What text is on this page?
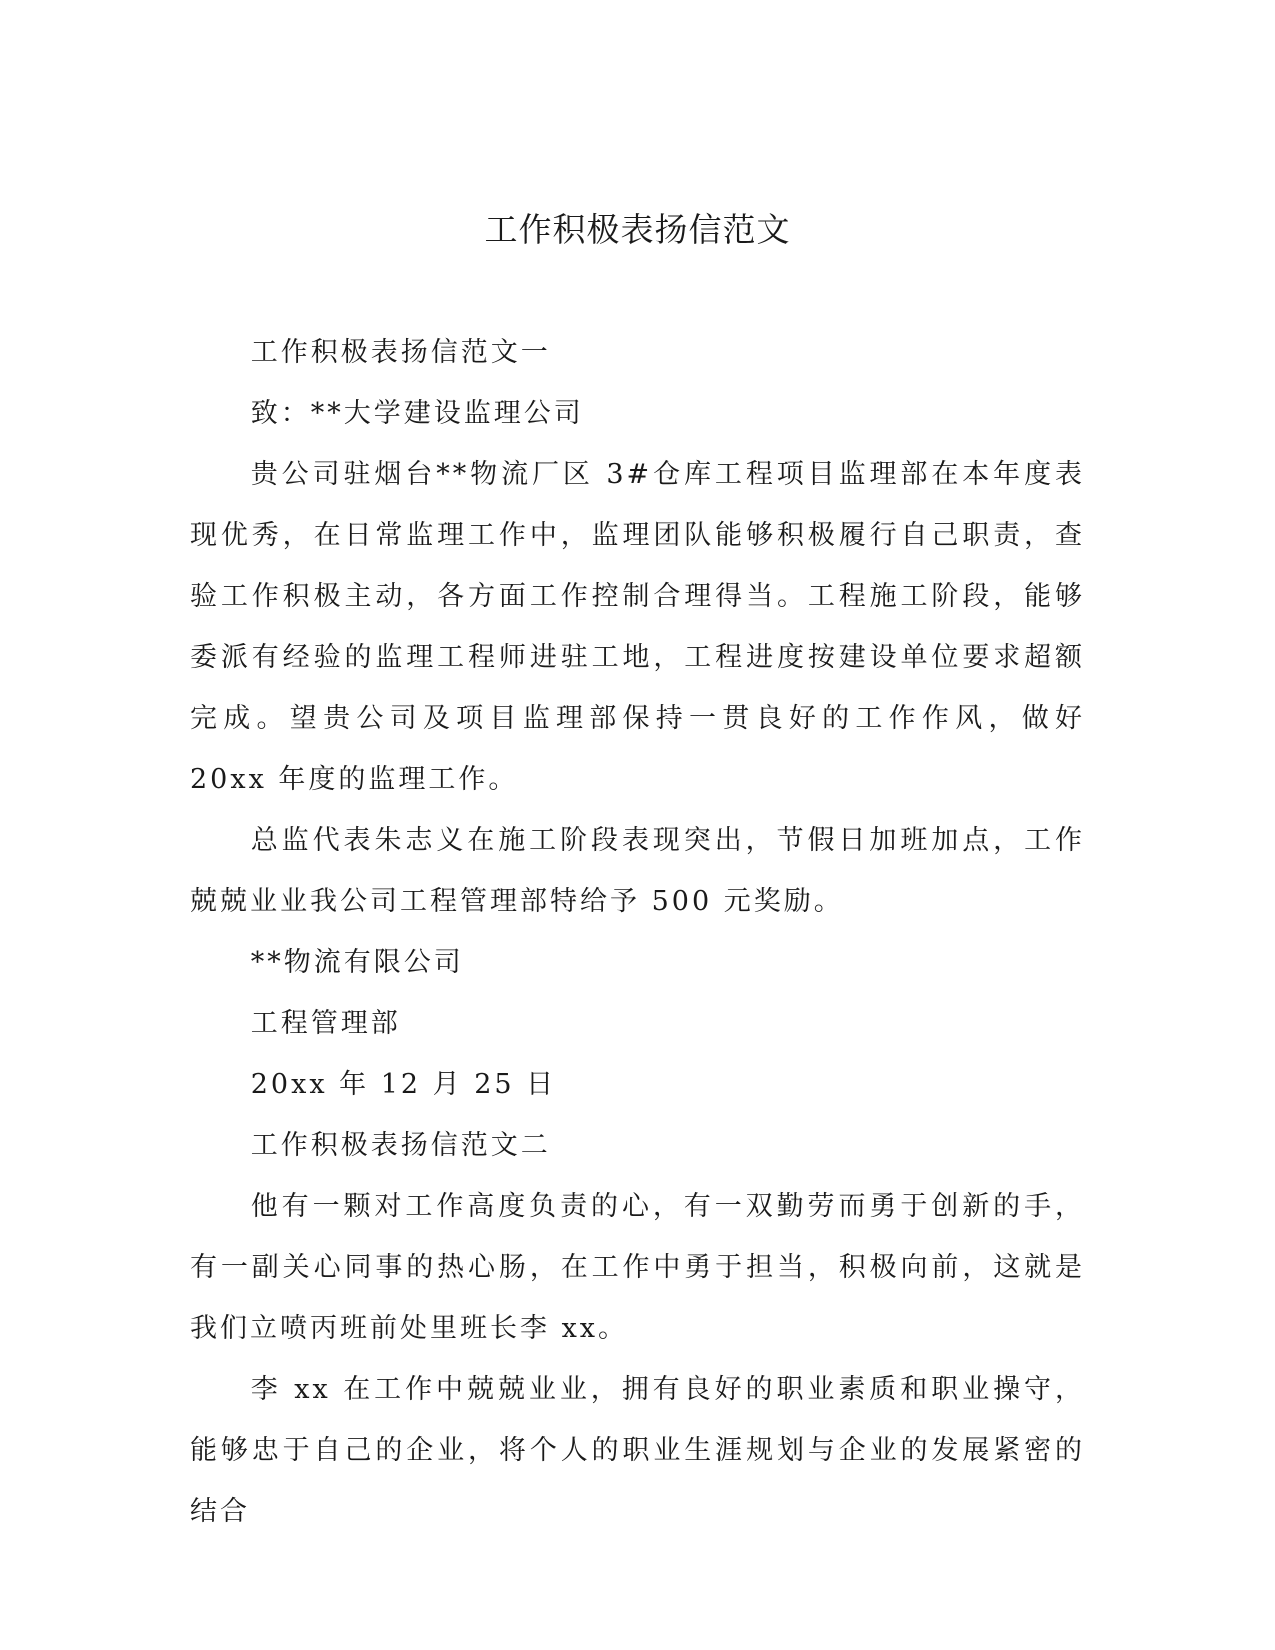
工作积极表扬信范文

工作积极表扬信范文一

致：**大学建设监理公司

贵公司驻烟台**物流厂区 3#仓库工程项目监理部在本年度表现优秀，在日常监理工作中，监理团队能够积极履行自己职责，查验工作积极主动，各方面工作控制合理得当。工程施工阶段，能够委派有经验的监理工程师进驻工地，工程进度按建设单位要求超额完成。望贵公司及项目监理部保持一贯良好的工作作风，做好 20xx 年度的监理工作。

总监代表朱志义在施工阶段表现突出，节假日加班加点，工作兢兢业业我公司工程管理部特给予 500 元奖励。

**物流有限公司

工程管理部

20xx 年 12 月 25 日

工作积极表扬信范文二

他有一颗对工作高度负责的心，有一双勤劳而勇于创新的手，有一副关心同事的热心肠，在工作中勇于担当，积极向前，这就是我们立喷丙班前处里班长李 xx。

李 xx 在工作中兢兢业业，拥有良好的职业素质和职业操守，能够忠于自己的企业，将个人的职业生涯规划与企业的发展紧密的结合
